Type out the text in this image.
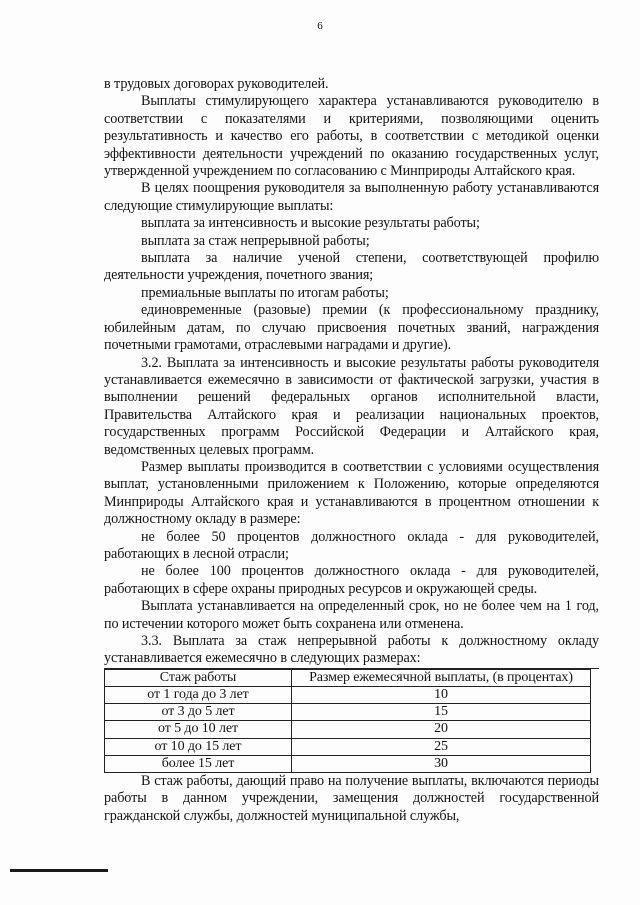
6

в трудовых договорах руководителей.

Выплаты стимулирующего характера устанавливаются руководителю в соответствии с показателями и критериями, позволяющими оценить результативность и качество его работы, в соответствии с методикой оценки эффективности деятельности учреждений по оказанию государственных услуг, утвержденной учреждением по согласованию с Минприроды Алтайского края.

В целях поощрения руководителя за выполненную работу устанавливаются следующие стимулирующие выплаты:

выплата за интенсивность и высокие результаты работы;

выплата за стаж непрерывной работы;

выплата за наличие ученой степени, соответствующей профилю деятельности учреждения, почетного звания;

премиальные выплаты по итогам работы;

единовременные (разовые) премии (к профессиональному празднику, юбилейным датам, по случаю присвоения почетных званий, награждения почетными грамотами, отраслевыми наградами и другие).

3.2. Выплата за интенсивность и высокие результаты работы руководителя устанавливается ежемесячно в зависимости от фактической загрузки, участия в выполнении решений федеральных органов исполнительной власти, Правительства Алтайского края и реализации национальных проектов, государственных программ Российской Федерации и Алтайского края, ведомственных целевых программ.

Размер выплаты производится в соответствии с условиями осуществления выплат, установленными приложением к Положению, которые определяются Минприроды Алтайского края и устанавливаются в процентном отношении к должностному окладу в размере:

не более 50 процентов должностного оклада - для руководителей, работающих в лесной отрасли;

не более 100 процентов должностного оклада - для руководителей, работающих в сфере охраны природных ресурсов и окружающей среды.

Выплата устанавливается на определенный срок, но не более чем на 1 год, по истечении которого может быть сохранена или отменена.

3.3. Выплата за стаж непрерывной работы к должностному окладу устанавливается ежемесячно в следующих размерах:

Стаж работы	Размер ежемесячной выплаты, (в процентах)
от 1 года до 3 лет	10
от 3 до 5 лет	15
от 5 до 10 лет	20
от 10 до 15 лет	25
более 15 лет	30

В стаж работы, дающий право на получение выплаты, включаются периоды работы в данном учреждении, замещения должностей государственной гражданской службы, должностей муниципальной службы,
